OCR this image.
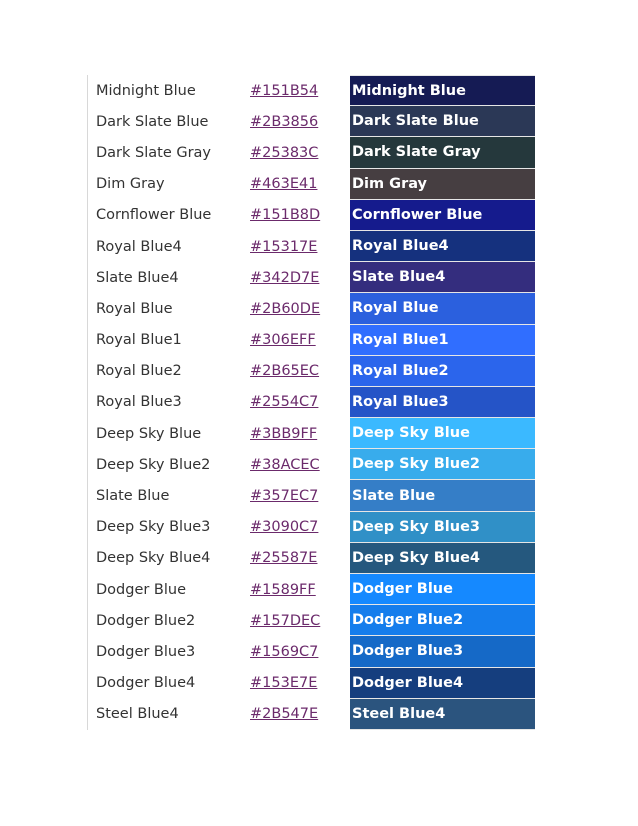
Midnight Blue	#151B54 Midnight Blue
Dark Slate Blue	#2B3856 Dark Slate Blue
Dark Slate Gray	#25383C Dark Slate Gray
Dim Gray	#463E41 Dim Gray
Cornflower Blue	#151B8D Cornflower Blue
Royal Blue4	#15317E Royal Blue4
Slate Blue4	#342D7E Slate Blue4
Royal Blue	#2B60DE Royal Blue
Royal Blue1	#306EFF	Royal Blue1
Royal Blue2	#2B65EC Royal Blue2
Royal Blue3	#2554C7 Royal Blue3
Deep Sky Blue	#3BB9FF Deep Sky Blue
Deep Sky Blue2	#38ACEC Deep Sky Blue2
Slate Blue	#357EC7 Slate Blue
Deep Sky Blue3	#3090C7 Deep Sky Blue3
Deep Sky Blue4	#25587E Deep Sky Blue4
Dodger Blue	#1589FF	Dodger Blue
Dodger Blue2	#157DEC Dodger Blue2
Dodger Blue3	#1569C7 Dodger Blue3
Dodger Blue4	#153E7E Dodger Blue4
Steel Blue4	#2B547E Steel Blue4
